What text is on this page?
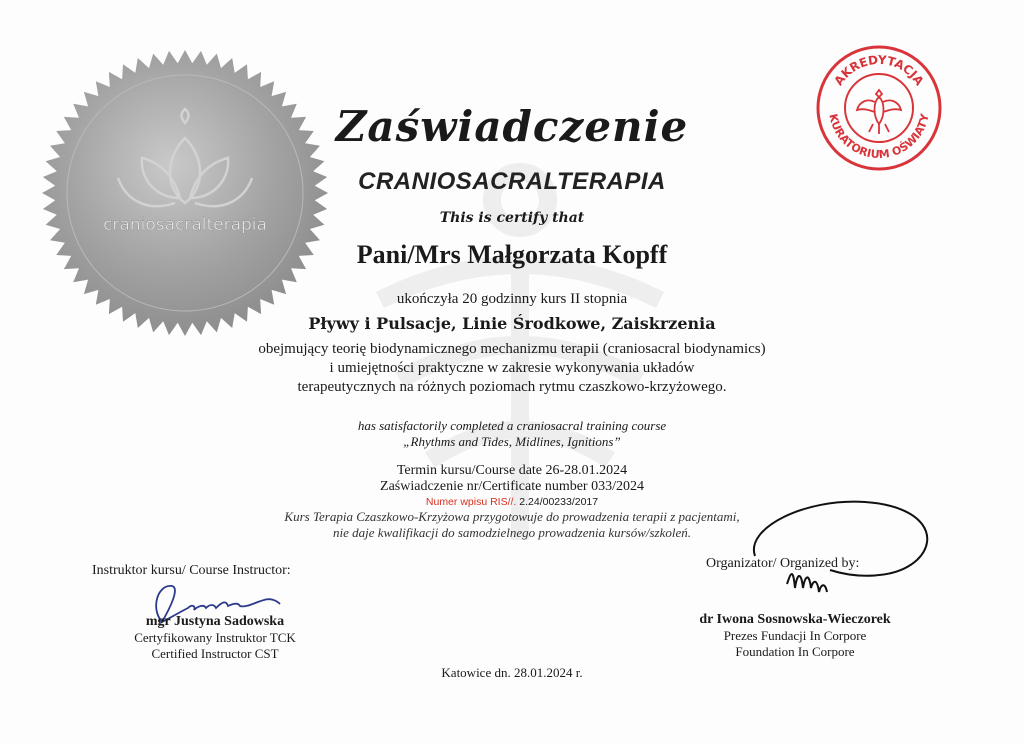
craniosacralterapia
AKREDYTACJA
KURATORIUM OŚWIATY
Zaświadczenie
CRANIOSACRALTERAPIA
This is certify that
Pani/Mrs Małgorzata Kopff
ukończyła 20 godzinny kurs II stopnia
Pływy i Pulsacje, Linie Środkowe, Zaiskrzenia
obejmujący teorię biodynamicznego mechanizmu terapii (craniosacral biodynamics)
i umiejętności praktyczne w zakresie wykonywania układów
terapeutycznych na różnych poziomach rytmu czaszkowo-krzyżowego.
has satisfactorily completed a craniosacral training course
„Rhythms and Tides, Midlines, Ignitions”
Termin kursu/Course date 26-28.01.2024
Zaświadczenie nr/Certificate number 033/2024
Numer wpisu RIS//. 2.24/00233/2017
Kurs Terapia Czaszkowo-Krzyżowa przygotowuje do prowadzenia terapii z pacjentami,
nie daje kwalifikacji do samodzielnego prowadzenia kursów/szkoleń.
Instruktor kursu/ Course Instructor:
mgr Justyna Sadowska
Certyfikowany Instruktor TCK
Certified Instructor CST
Organizator/ Organized by:
dr Iwona Sosnowska-Wieczorek
Prezes Fundacji In Corpore
Foundation In Corpore
Katowice dn. 28.01.2024 r.
